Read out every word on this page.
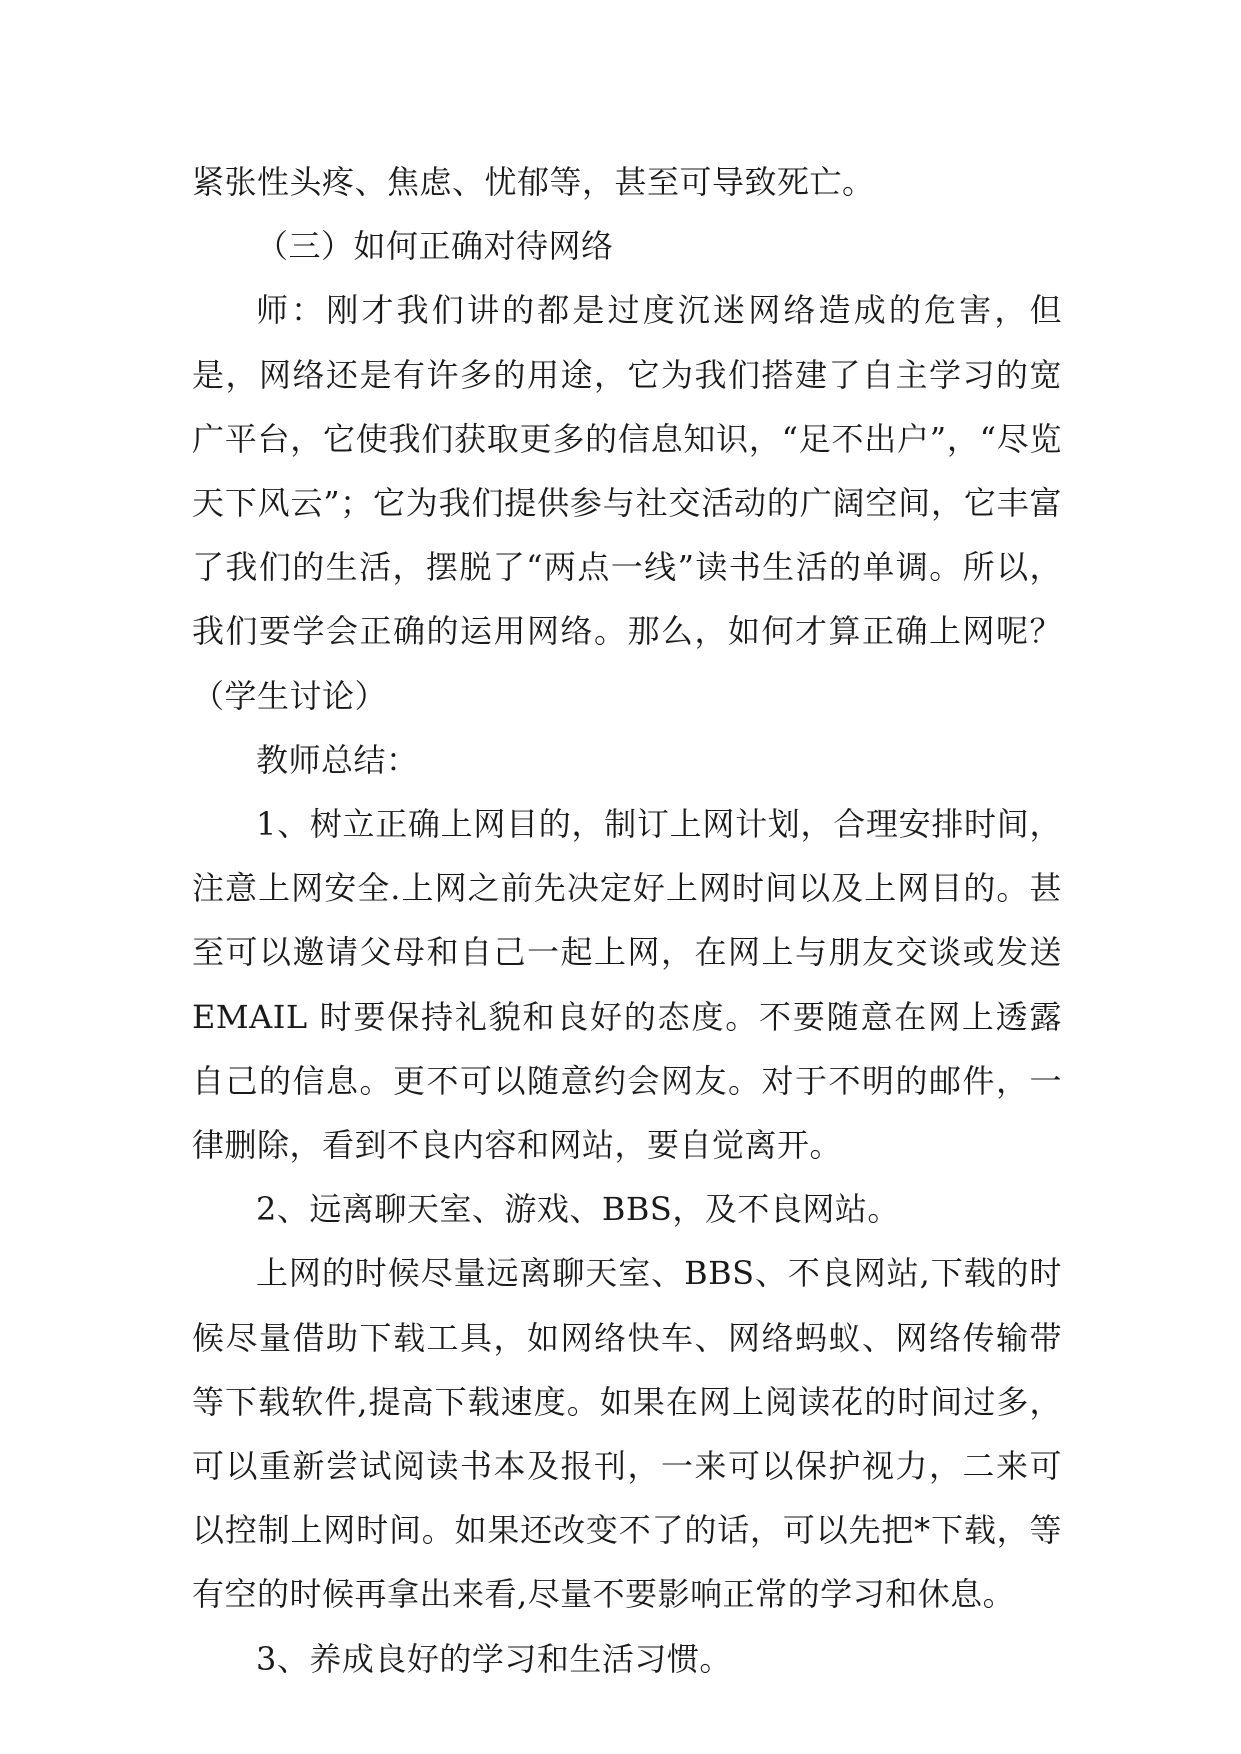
紧张性头疼、焦虑、忧郁等，甚至可导致死亡。

（三）如何正确对待网络

师：刚才我们讲的都是过度沉迷网络造成的危害，但是，网络还是有许多的用途，它为我们搭建了自主学习的宽广平台，它使我们获取更多的信息知识，“足不出户”，“尽览天下风云”；它为我们提供参与社交活动的广阔空间，它丰富了我们的生活，摆脱了“两点一线”读书生活的单调。所以，我们要学会正确的运用网络。那么，如何才算正确上网呢？（学生讨论）

教师总结：

1、树立正确上网目的，制订上网计划，合理安排时间，注意上网安全.上网之前先决定好上网时间以及上网目的。甚至可以邀请父母和自己一起上网，在网上与朋友交谈或发送 EMAIL 时要保持礼貌和良好的态度。不要随意在网上透露自己的信息。更不可以随意约会网友。对于不明的邮件，一律删除，看到不良内容和网站，要自觉离开。

2、远离聊天室、游戏、BBS，及不良网站。

上网的时候尽量远离聊天室、BBS、不良网站,下载的时候尽量借助下载工具，如网络快车、网络蚂蚁、网络传输带等下载软件,提高下载速度。如果在网上阅读花的时间过多，可以重新尝试阅读书本及报刊，一来可以保护视力，二来可以控制上网时间。如果还改变不了的话，可以先把*下载，等有空的时候再拿出来看,尽量不要影响正常的学习和休息。

3、养成良好的学习和生活习惯。
